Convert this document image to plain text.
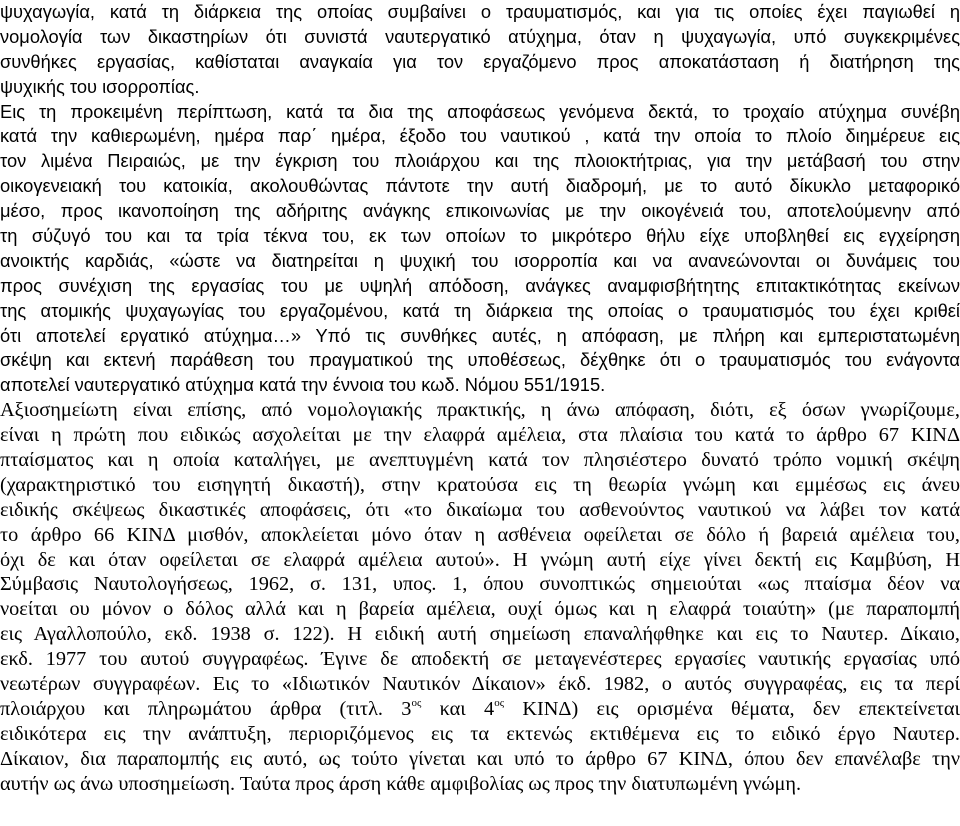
ψυχαγωγία, κατά τη διάρκεια της οποίας συμβαίνει ο τραυματισμός, και για τις οποίες έχει παγιωθεί η
νομολογία των δικαστηρίων ότι συνιστά ναυτεργατικό ατύχημα, όταν η ψυχαγωγία, υπό συγκεκριμένες
συνθήκες εργασίας, καθίσταται αναγκαία για τον εργαζόμενο προς αποκατάσταση ή διατήρηση της
ψυχικής του ισορροπίας.
Εις τη προκειμένη περίπτωση, κατά τα δια της αποφάσεως γενόμενα δεκτά, το τροχαίο ατύχημα συνέβη
κατά την καθιερωμένη, ημέρα παρ΄ ημέρα, έξοδο του ναυτικού , κατά την οποία το πλοίο διημέρευε εις
τον λιμένα Πειραιώς, με την έγκριση του πλοιάρχου και της πλοιοκτήτριας, για την μετάβασή του στην
οικογενειακή του κατοικία, ακολουθώντας πάντοτε την αυτή διαδρομή, με το αυτό δίκυκλο μεταφορικό
μέσο, προς ικανοποίηση της αδήριτης ανάγκης επικοινωνίας με την οικογένειά του, αποτελούμενην από
τη σύζυγό του και τα τρία τέκνα του, εκ των οποίων το μικρότερο θήλυ είχε υποβληθεί εις εγχείρηση
ανοικτής καρδιάς, «ώστε να διατηρείται η ψυχική του ισορροπία και να ανανεώνονται οι δυνάμεις του
προς συνέχιση της εργασίας του με υψηλή απόδοση, ανάγκες αναμφισβήτητης επιτακτικότητας εκείνων
της ατομικής ψυχαγωγίας του εργαζομένου, κατά τη διάρκεια της οποίας ο τραυματισμός του έχει κριθεί
ότι αποτελεί εργατικό ατύχημα…» Υπό τις συνθήκες αυτές, η απόφαση, με πλήρη και εμπεριστατωμένη
σκέψη και εκτενή παράθεση του πραγματικού της υποθέσεως, δέχθηκε ότι ο τραυματισμός του ενάγοντα
αποτελεί ναυτεργατικό ατύχημα κατά την έννοια του κωδ. Νόμου 551/1915.
Αξιοσημείωτη είναι επίσης, από νομολογιακής πρακτικής, η άνω απόφαση, διότι, εξ όσων γνωρίζουμε,
είναι η πρώτη που ειδικώς ασχολείται με την ελαφρά αμέλεια, στα πλαίσια του κατά το άρθρο 67 ΚΙΝΔ
πταίσματος και η οποία καταλήγει, με ανεπτυγμένη κατά τον πλησιέστερο δυνατό τρόπο νομική σκέψη
(χαρακτηριστικό του εισηγητή δικαστή), στην κρατούσα εις τη θεωρία γνώμη και εμμέσως εις άνευ
ειδικής σκέψεως δικαστικές αποφάσεις, ότι «το δικαίωμα του ασθενούντος ναυτικού να λάβει τον κατά
το άρθρο 66 ΚΙΝΔ μισθόν, αποκλείεται μόνο όταν η ασθένεια οφείλεται σε δόλο ή βαρειά αμέλεια του,
όχι δε και όταν οφείλεται σε ελαφρά αμέλεια αυτού». Η γνώμη αυτή είχε γίνει δεκτή εις Καμβύση, Η
Σύμβασις Ναυτολογήσεως, 1962, σ. 131, υπος. 1, όπου συνοπτικώς σημειούται «ως πταίσμα δέον να
νοείται ου μόνον ο δόλος αλλά και η βαρεία αμέλεια, ουχί όμως και η ελαφρά τοιαύτη» (με παραπομπή
εις Αγαλλοπούλο, εκδ. 1938 σ. 122). Η ειδική αυτή σημείωση επαναλήφθηκε και εις το Ναυτερ. Δίκαιο,
εκδ. 1977 του αυτού συγγραφέως. Έγινε δε αποδεκτή σε μεταγενέστερες εργασίες ναυτικής εργασίας υπό
νεωτέρων συγγραφέων. Εις το «Ιδιωτικόν Ναυτικόν Δίκαιον» έκδ. 1982, ο αυτός συγγραφέας, εις τα περί
πλοιάρχου και πληρωμάτου άρθρα (τιτλ. $3^{o\varsigma}$ και $4^{o\varsigma}$ ΚΙΝΔ) εις ορισμένα θέματα, δεν επεκτείνεται
ειδικότερα εις την ανάπτυξη, περιοριζόμενος εις τα εκτενώς εκτιθέμενα εις το ειδικό έργο Ναυτερ.
Δίκαιον, δια παραπομπής εις αυτό, ως τούτο γίνεται και υπό το άρθρο 67 ΚΙΝΔ, όπου δεν επανέλαβε την
αυτήν ως άνω υποσημείωση. Ταύτα προς άρση κάθε αμφιβολίας ως προς την διατυπωμένη γνώμη.
